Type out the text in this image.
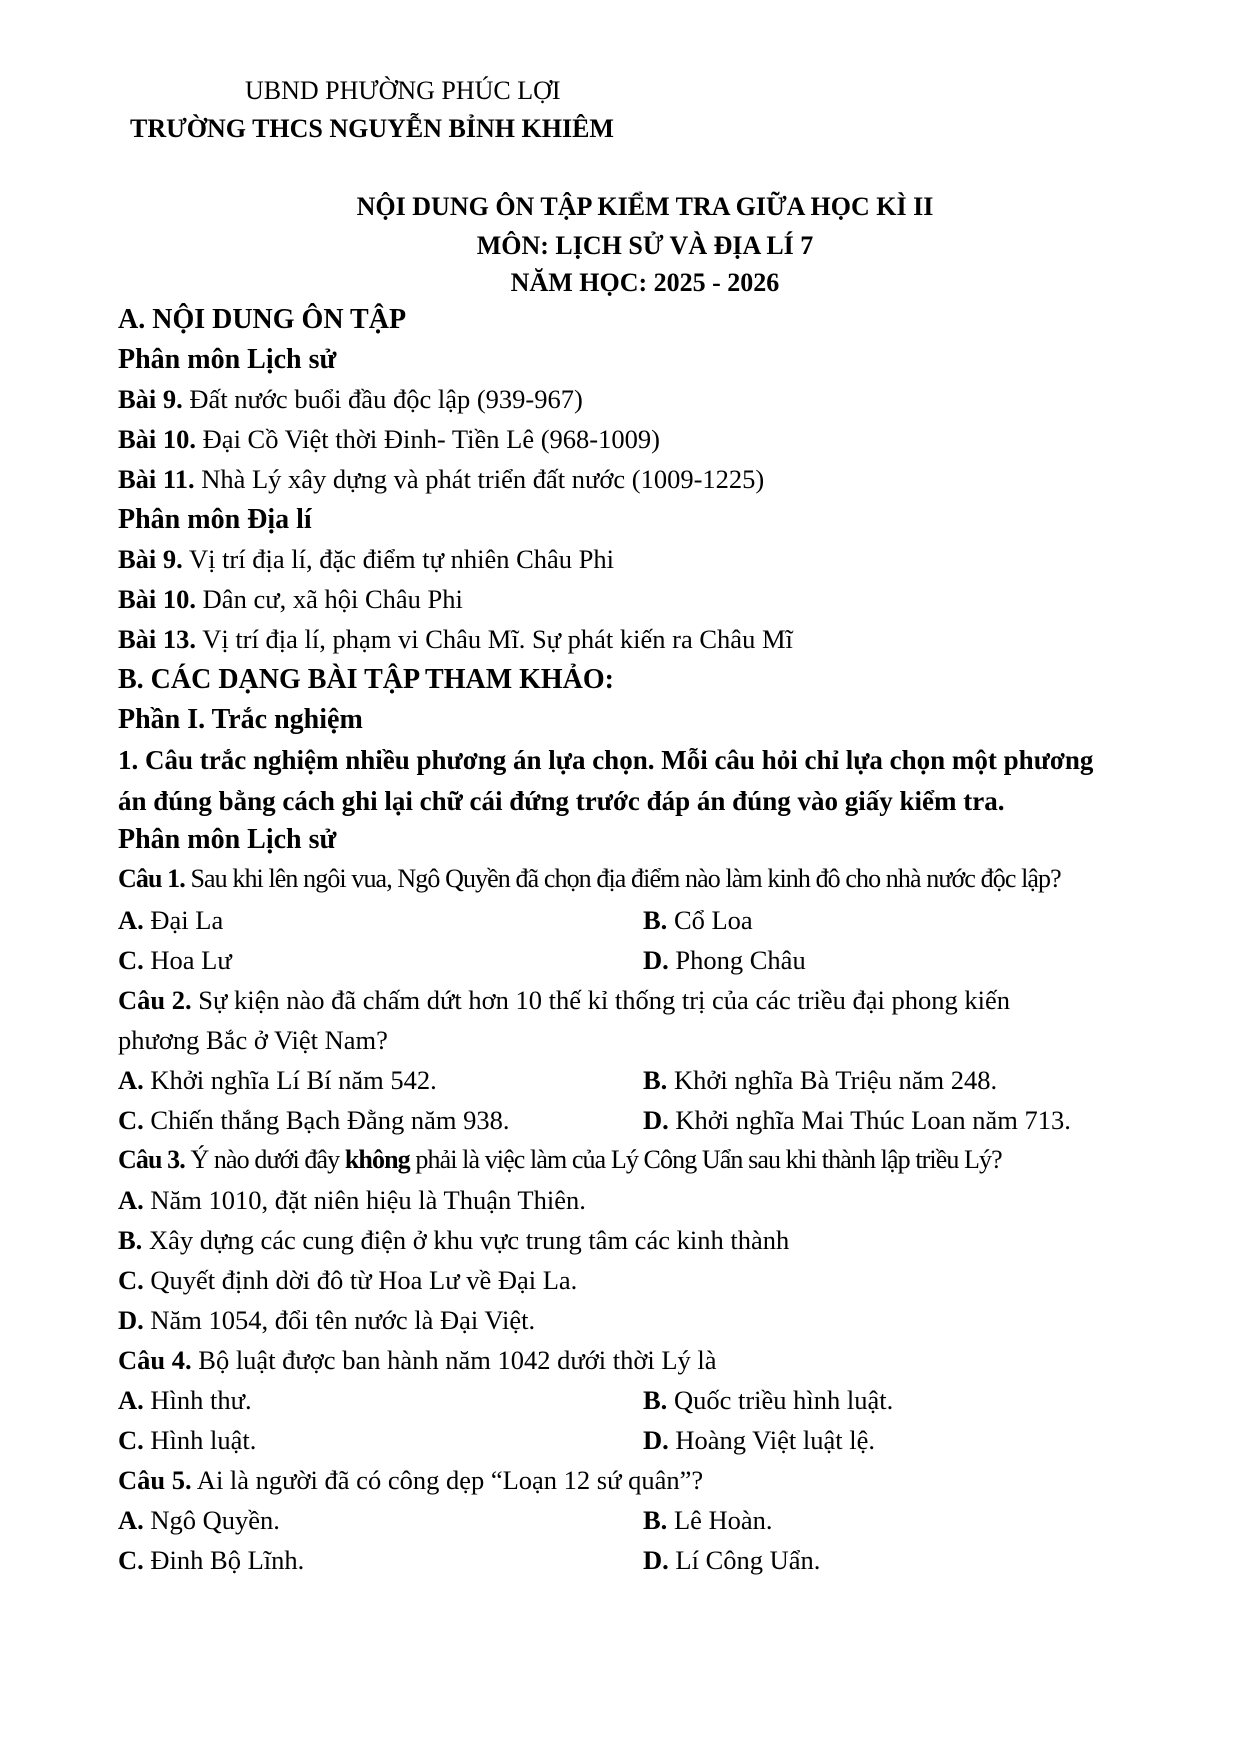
UBND PHƯỜNG PHÚC LỢI
TRƯỜNG THCS NGUYỄN BỈNH KHIÊM
NỘI DUNG ÔN TẬP KIỂM TRA GIỮA HỌC KÌ II
MÔN: LỊCH SỬ VÀ ĐỊA LÍ 7
NĂM HỌC: 2025 - 2026
A. NỘI DUNG ÔN TẬP
Phân môn Lịch sử
Bài 9. Đất nước buổi đầu độc lập (939-967)
Bài 10. Đại Cồ Việt thời Đinh- Tiền Lê (968-1009)
Bài 11. Nhà Lý xây dựng và phát triển đất nước (1009-1225)
Phân môn Địa lí
Bài 9. Vị trí địa lí, đặc điểm tự nhiên Châu Phi
Bài 10. Dân cư, xã hội Châu Phi
Bài 13. Vị trí địa lí, phạm vi Châu Mĩ. Sự phát kiến ra Châu Mĩ
B. CÁC DẠNG BÀI TẬP THAM KHẢO:
Phần I. Trắc nghiệm
1. Câu trắc nghiệm nhiều phương án lựa chọn. Mỗi câu hỏi chỉ lựa chọn một phương
án đúng bằng cách ghi lại chữ cái đứng trước đáp án đúng vào giấy kiểm tra.
Phân môn Lịch sử
Câu 1. Sau khi lên ngôi vua, Ngô Quyền đã chọn địa điểm nào làm kinh đô cho nhà nước độc lập?
A. Đại La	B. Cổ Loa
C. Hoa Lư	D. Phong Châu
Câu 2. Sự kiện nào đã chấm dứt hơn 10 thế kỉ thống trị của các triều đại phong kiến
phương Bắc ở Việt Nam?
A. Khởi nghĩa Lí Bí năm 542.	B. Khởi nghĩa Bà Triệu năm 248.
C. Chiến thắng Bạch Đằng năm 938.	D. Khởi nghĩa Mai Thúc Loan năm 713.
Câu 3. Ý nào dưới đây không phải là việc làm của Lý Công Uẩn sau khi thành lập triều Lý?
A. Năm 1010, đặt niên hiệu là Thuận Thiên.
B. Xây dựng các cung điện ở khu vực trung tâm các kinh thành
C. Quyết định dời đô từ Hoa Lư về Đại La.
D. Năm 1054, đổi tên nước là Đại Việt.
Câu 4. Bộ luật được ban hành năm 1042 dưới thời Lý là
A. Hình thư.	B. Quốc triều hình luật.
C. Hình luật.	D. Hoàng Việt luật lệ.
Câu 5. Ai là người đã có công dẹp “Loạn 12 sứ quân”?
A. Ngô Quyền.	B. Lê Hoàn.
C. Đinh Bộ Lĩnh.	D. Lí Công Uẩn.
